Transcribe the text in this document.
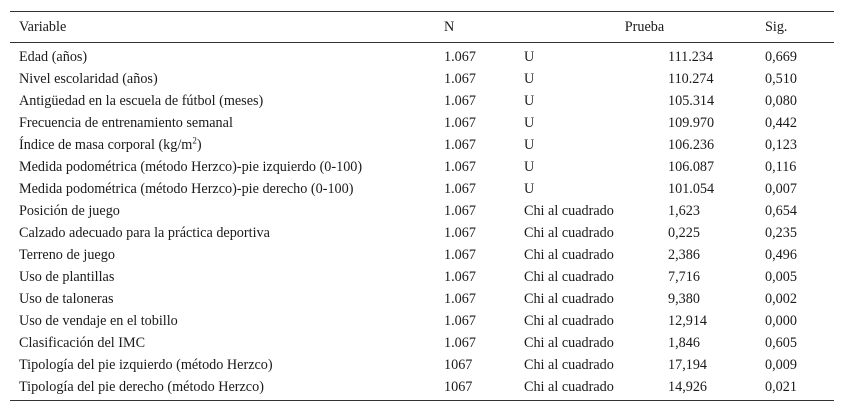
Variable	N	Prueba		Sig.
Edad (años)	1.067	U	111.234	0,669
Nivel escolaridad (años)	1.067	U	110.274	0,510
Antigüedad en la escuela de fútbol (meses)	1.067	U	105.314	0,080
Frecuencia de entrenamiento semanal	1.067	U	109.970	0,442
Índice de masa corporal $(kg/m^2)$	1.067	U	106.236	0,123
Medida podométrica (método Herzco)-pie izquierdo (0-100)	1.067	U	106.087	0,116
Medida podométrica (método Herzco)-pie derecho (0-100)	1.067	U	101.054	0,007
Posición de juego	1.067	Chi al cuadrado	1,623	0,654
Calzado adecuado para la práctica deportiva	1.067	Chi al cuadrado	0,225	0,235
Terreno de juego	1.067	Chi al cuadrado	2,386	0,496
Uso de plantillas	1.067	Chi al cuadrado	7,716	0,005
Uso de taloneras	1.067	Chi al cuadrado	9,380	0,002
Uso de vendaje en el tobillo	1.067	Chi al cuadrado	12,914	0,000
Clasificación del IMC	1.067	Chi al cuadrado	1,846	0,605
Tipología del pie izquierdo (método Herzco)	1067	Chi al cuadrado	17,194	0,009
Tipología del pie derecho (método Herzco)	1067	Chi al cuadrado	14,926	0,021
